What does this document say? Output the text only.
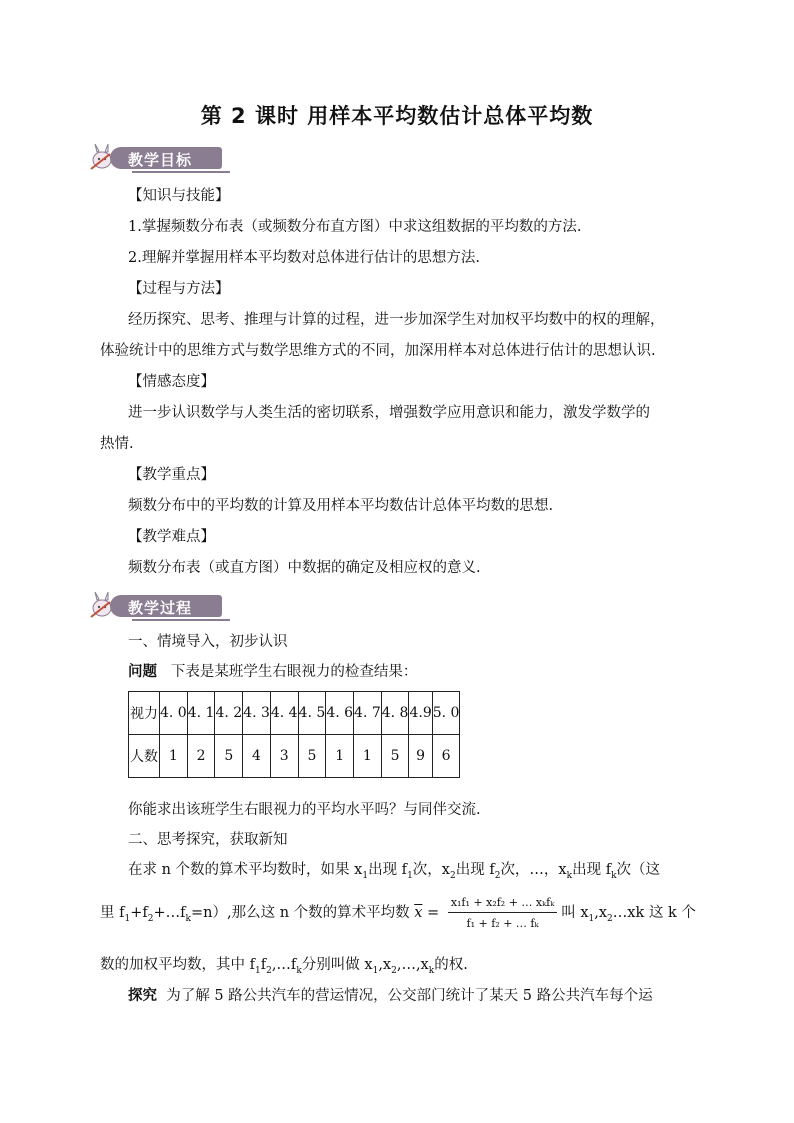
第 2 课时 用样本平均数估计总体平均数
教学目标
【知识与技能】
1.掌握频数分布表（或频数分布直方图）中求这组数据的平均数的方法.
2.理解并掌握用样本平均数对总体进行估计的思想方法.
【过程与方法】
经历探究、思考、推理与计算的过程，进一步加深学生对加权平均数中的权的理解，
体验统计中的思维方式与数学思维方式的不同，加深用样本对总体进行估计的思想认识.
【情感态度】
进一步认识数学与人类生活的密切联系，增强数学应用意识和能力，激发学数学的
热情.
【教学重点】
频数分布中的平均数的计算及用样本平均数估计总体平均数的思想.
【教学难点】
频数分布表（或直方图）中数据的确定及相应权的意义.
教学过程
一、情境导入，初步认识
问题 下表是某班学生右眼视力的检查结果：
视力	4. 0	4. 1	4. 2	4. 3	4. 4	4. 5	4. 6	4. 7	4. 8	4.9	5. 0
人数	1	2	5	4	3	5	1	1	5	9	6
你能求出该班学生右眼视力的平均水平吗？与同伴交流.
二、思考探究，获取新知
在求 n 个数的算术平均数时，如果 $x_1$出现 $f_1$次，$x_2$出现 $f_2$次，…，$x_k$出现 $f_k$次（这
里 $f_1+f_2+\dots f_k=n$）,那么这 n 个数的算术平均数 $\overline{x} = \frac{\text{x₁f₁ + x₂f₂ + … xₖfₖ}}{\text{f₁ + f₂ + … fₖ}}$ 叫 $x_1,x_2\dots xk$ 这 k 个
数的加权平均数，其中 $f_1f_2,\dots f_k$分别叫做 $x_1,x_2,\dots,x_k$的权.
探究 为了解 5 路公共汽车的营运情况，公交部门统计了某天 5 路公共汽车每个运
